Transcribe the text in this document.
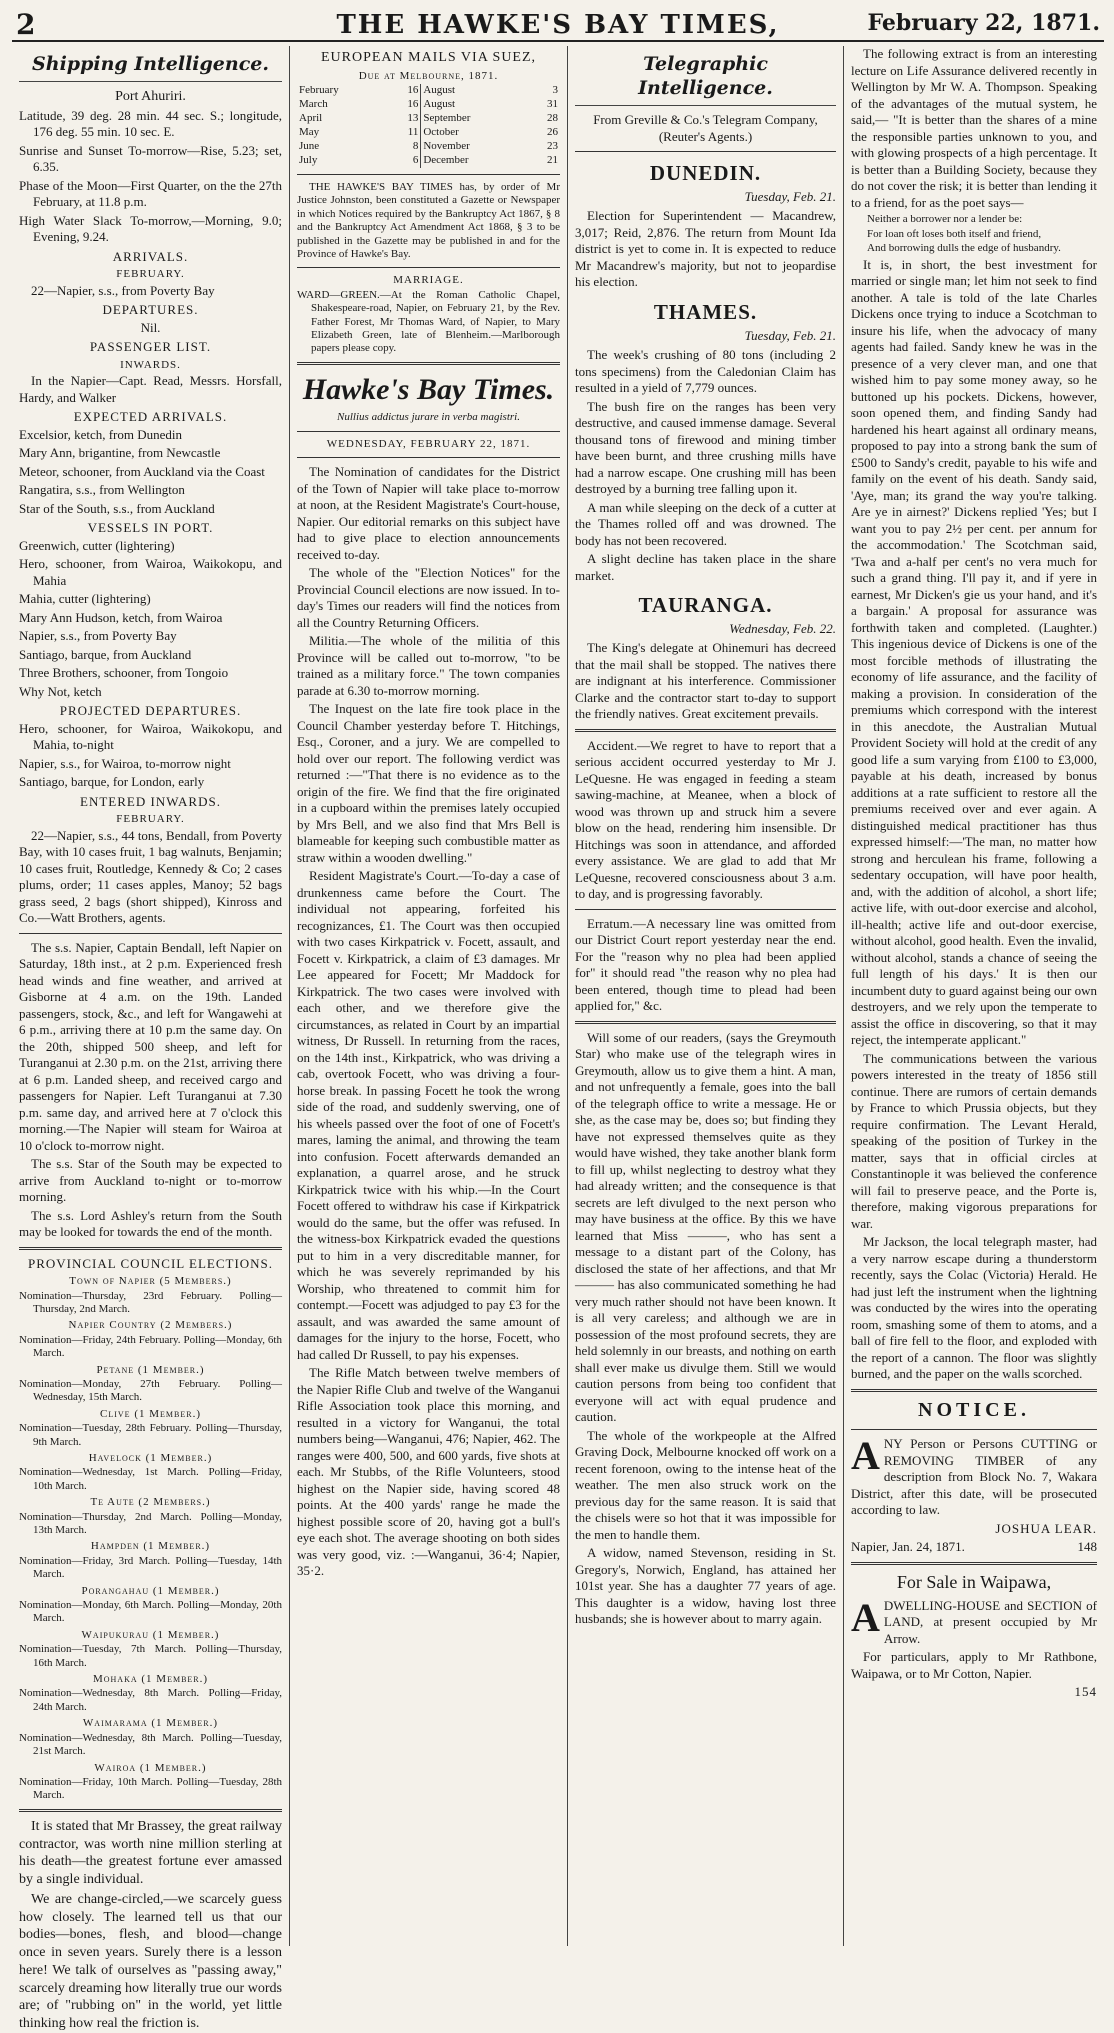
2	THE HAWKE'S BAY TIMES,	February 22, 1871.
Shipping Intelligence.

Port Ahuriri.

Latitude, 39 deg. 28 min. 44 sec. S.; longitude, 176 deg. 55 min. 10 sec. E.

Sunrise and Sunset To-morrow—Rise, 5.23; set, 6.35.

Phase of the Moon—First Quarter, on the the 27th February, at 11.8 p.m.

High Water Slack To-morrow,—Morning, 9.0; Evening, 9.24.

ARRIVALS.

FEBRUARY.

22—Napier, s.s., from Poverty Bay

DEPARTURES.

Nil.

PASSENGER LIST.

INWARDS.

In the Napier—Capt. Read, Messrs. Horsfall, Hardy, and Walker

EXPECTED ARRIVALS.

Excelsior, ketch, from Dunedin

Mary Ann, brigantine, from Newcastle

Meteor, schooner, from Auckland via the Coast

Rangatira, s.s., from Wellington

Star of the South, s.s., from Auckland

VESSELS IN PORT.

Greenwich, cutter (lightering)

Hero, schooner, from Wairoa, Waikokopu, and Mahia

Mahia, cutter (lightering)

Mary Ann Hudson, ketch, from Wairoa

Napier, s.s., from Poverty Bay

Santiago, barque, from Auckland

Three Brothers, schooner, from Tongoio

Why Not, ketch

PROJECTED DEPARTURES.

Hero, schooner, for Wairoa, Waikokopu, and Mahia, to-night

Napier, s.s., for Wairoa, to-morrow night

Santiago, barque, for London, early

ENTERED INWARDS.

FEBRUARY.

22—Napier, s.s., 44 tons, Bendall, from Poverty Bay, with 10 cases fruit, 1 bag walnuts, Benjamin; 10 cases fruit, Routledge, Kennedy & Co; 2 cases plums, order; 11 cases apples, Manoy; 52 bags grass seed, 2 bags (short shipped), Kinross and Co.—Watt Brothers, agents.

The s.s. Napier, Captain Bendall, left Napier on Saturday, 18th inst., at 2 p.m. Experienced fresh head winds and fine weather, and arrived at Gisborne at 4 a.m. on the 19th. Landed passengers, stock, &c., and left for Wangawehi at 6 p.m., arriving there at 10 p.m the same day. On the 20th, shipped 500 sheep, and left for Turanganui at 2.30 p.m. on the 21st, arriving there at 6 p.m. Landed sheep, and received cargo and passengers for Napier. Left Turanganui at 7.30 p.m. same day, and arrived here at 7 o'clock this morning.—The Napier will steam for Wairoa at 10 o'clock to-morrow night.

The s.s. Star of the South may be expected to arrive from Auckland to-night or to-morrow morning.

The s.s. Lord Ashley's return from the South may be looked for towards the end of the month.

PROVINCIAL COUNCIL ELECTIONS.

Town of Napier (5 Members.)

Nomination—Thursday, 23rd February. Polling—Thursday, 2nd March.

Napier Country (2 Members.)

Nomination—Friday, 24th February. Polling—Monday, 6th March.

Petane (1 Member.)

Nomination—Monday, 27th February. Polling—Wednesday, 15th March.

Clive (1 Member.)

Nomination—Tuesday, 28th February. Polling—Thursday, 9th March.

Havelock (1 Member.)

Nomination—Wednesday, 1st March. Polling—Friday, 10th March.

Te Aute (2 Members.)

Nomination—Thursday, 2nd March. Polling—Monday, 13th March.

Hampden (1 Member.)

Nomination—Friday, 3rd March. Polling—Tuesday, 14th March.

Porangahau (1 Member.)

Nomination—Monday, 6th March. Polling—Monday, 20th March.

Waipukurau (1 Member.)

Nomination—Tuesday, 7th March. Polling—Thursday, 16th March.

Mohaka (1 Member.)

Nomination—Wednesday, 8th March. Polling—Friday, 24th March.

Waimarama (1 Member.)

Nomination—Wednesday, 8th March. Polling—Tuesday, 21st March.

Wairoa (1 Member.)

Nomination—Friday, 10th March. Polling—Tuesday, 28th March.

It is stated that Mr Brassey, the great railway contractor, was worth nine million sterling at his death—the greatest fortune ever amassed by a single individual.

We are change-circled,—we scarcely guess how closely. The learned tell us that our bodies—bones, flesh, and blood—change once in seven years. Surely there is a lesson here! We talk of ourselves as "passing away," scarcely dreaming how literally true our words are; of "rubbing on" in the world, yet little thinking how real the friction is.

EUROPEAN MAILS VIA SUEZ,

Due at Melbourne, 1871.

February	16	August	3
March	16	August	31
April	13	September	28
May	11	October	26
June	8	November	23
July	6	December	21

THE HAWKE'S BAY TIMES has, by order of Mr Justice Johnston, been constituted a Gazette or Newspaper in which Notices required by the Bankruptcy Act 1867, § 8 and the Bankruptcy Act Amendment Act 1868, § 3 to be published in the Gazette may be published in and for the Province of Hawke's Bay.

MARRIAGE.

WARD—GREEN.—At the Roman Catholic Chapel, Shakespeare-road, Napier, on February 21, by the Rev. Father Forest, Mr Thomas Ward, of Napier, to Mary Elizabeth Green, late of Blenheim.—Marlborough papers please copy.

Hawke's Bay Times.

Nullius addictus jurare in verba magistri.

WEDNESDAY, FEBRUARY 22, 1871.

The Nomination of candidates for the District of the Town of Napier will take place to-morrow at noon, at the Resident Magistrate's Court-house, Napier. Our editorial remarks on this subject have had to give place to election announcements received to-day.

The whole of the "Election Notices" for the Provincial Council elections are now issued. In to-day's Times our readers will find the notices from all the Country Returning Officers.

Militia.—The whole of the militia of this Province will be called out to-morrow, "to be trained as a military force." The town companies parade at 6.30 to-morrow morning.

The Inquest on the late fire took place in the Council Chamber yesterday before T. Hitchings, Esq., Coroner, and a jury. We are compelled to hold over our report. The following verdict was returned :—"That there is no evidence as to the origin of the fire. We find that the fire originated in a cupboard within the premises lately occupied by Mrs Bell, and we also find that Mrs Bell is blameable for keeping such combustible matter as straw within a wooden dwelling."

Resident Magistrate's Court.—To-day a case of drunkenness came before the Court. The individual not appearing, forfeited his recognizances, £1. The Court was then occupied with two cases Kirkpatrick v. Focett, assault, and Focett v. Kirkpatrick, a claim of £3 damages. Mr Lee appeared for Focett; Mr Maddock for Kirkpatrick. The two cases were involved with each other, and we therefore give the circumstances, as related in Court by an impartial witness, Dr Russell. In returning from the races, on the 14th inst., Kirkpatrick, who was driving a cab, overtook Focett, who was driving a four-horse break. In passing Focett he took the wrong side of the road, and suddenly swerving, one of his wheels passed over the foot of one of Focett's mares, laming the animal, and throwing the team into confusion. Focett afterwards demanded an explanation, a quarrel arose, and he struck Kirkpatrick twice with his whip.—In the Court Focett offered to withdraw his case if Kirkpatrick would do the same, but the offer was refused. In the witness-box Kirkpatrick evaded the questions put to him in a very discreditable manner, for which he was severely reprimanded by his Worship, who threatened to commit him for contempt.—Focett was adjudged to pay £3 for the assault, and was awarded the same amount of damages for the injury to the horse, Focett, who had called Dr Russell, to pay his expenses.

The Rifle Match between twelve members of the Napier Rifle Club and twelve of the Wanganui Rifle Association took place this morning, and resulted in a victory for Wanganui, the total numbers being—Wanganui, 476; Napier, 462. The ranges were 400, 500, and 600 yards, five shots at each. Mr Stubbs, of the Rifle Volunteers, stood highest on the Napier side, having scored 48 points. At the 400 yards' range he made the highest possible score of 20, having got a bull's eye each shot. The average shooting on both sides was very good, viz. :—Wanganui, 36·4; Napier, 35·2.

Telegraphic Intelligence.

From Greville & Co.'s Telegram Company, (Reuter's Agents.)

DUNEDIN.

Tuesday, Feb. 21.

Election for Superintendent — Macandrew, 3,017; Reid, 2,876. The return from Mount Ida district is yet to come in. It is expected to reduce Mr Macandrew's majority, but not to jeopardise his election.

THAMES.

Tuesday, Feb. 21.

The week's crushing of 80 tons (including 2 tons specimens) from the Caledonian Claim has resulted in a yield of 7,779 ounces.

The bush fire on the ranges has been very destructive, and caused immense damage. Several thousand tons of firewood and mining timber have been burnt, and three crushing mills have had a narrow escape. One crushing mill has been destroyed by a burning tree falling upon it.

A man while sleeping on the deck of a cutter at the Thames rolled off and was drowned. The body has not been recovered.

A slight decline has taken place in the share market.

TAURANGA.

Wednesday, Feb. 22.

The King's delegate at Ohinemuri has decreed that the mail shall be stopped. The natives there are indignant at his interference. Commissioner Clarke and the contractor start to-day to support the friendly natives. Great excitement prevails.

Accident.—We regret to have to report that a serious accident occurred yesterday to Mr J. LeQuesne. He was engaged in feeding a steam sawing-machine, at Meanee, when a block of wood was thrown up and struck him a severe blow on the head, rendering him insensible. Dr Hitchings was soon in attendance, and afforded every assistance. We are glad to add that Mr LeQuesne, recovered consciousness about 3 a.m. to day, and is progressing favorably.

Erratum.—A necessary line was omitted from our District Court report yesterday near the end. For the "reason why no plea had been applied for" it should read "the reason why no plea had been entered, though time to plead had been applied for," &c.

Will some of our readers, (says the Greymouth Star) who make use of the telegraph wires in Greymouth, allow us to give them a hint. A man, and not unfrequently a female, goes into the ball of the telegraph office to write a message. He or she, as the case may be, does so; but finding they have not expressed themselves quite as they would have wished, they take another blank form to fill up, whilst neglecting to destroy what they had already written; and the consequence is that secrets are left divulged to the next person who may have business at the office. By this we have learned that Miss ———, who has sent a message to a distant part of the Colony, has disclosed the state of her affections, and that Mr ——— has also communicated something he had very much rather should not have been known. It is all very careless; and although we are in possession of the most profound secrets, they are held solemnly in our breasts, and nothing on earth shall ever make us divulge them. Still we would caution persons from being too confident that everyone will act with equal prudence and caution.

The whole of the workpeople at the Alfred Graving Dock, Melbourne knocked off work on a recent forenoon, owing to the intense heat of the weather. The men also struck work on the previous day for the same reason. It is said that the chisels were so hot that it was impossible for the men to handle them.

A widow, named Stevenson, residing in St. Gregory's, Norwich, England, has attained her 101st year. She has a daughter 77 years of age. This daughter is a widow, having lost three husbands; she is however about to marry again.

The following extract is from an interesting lecture on Life Assurance delivered recently in Wellington by Mr W. A. Thompson. Speaking of the advantages of the mutual system, he said,— "It is better than the shares of a mine the responsible parties unknown to you, and with glowing prospects of a high percentage. It is better than a Building Society, because they do not cover the risk; it is better than lending it to a friend, for as the poet says—

Neither a borrower nor a lender be:

For loan oft loses both itself and friend,

And borrowing dulls the edge of husbandry.

It is, in short, the best investment for married or single man; let him not seek to find another. A tale is told of the late Charles Dickens once trying to induce a Scotchman to insure his life, when the advocacy of many agents had failed. Sandy knew he was in the presence of a very clever man, and one that wished him to pay some money away, so he buttoned up his pockets. Dickens, however, soon opened them, and finding Sandy had hardened his heart against all ordinary means, proposed to pay into a strong bank the sum of £500 to Sandy's credit, payable to his wife and family on the event of his death. Sandy said, 'Aye, man; its grand the way you're talking. Are ye in airnest?' Dickens replied 'Yes; but I want you to pay 2½ per cent. per annum for the accommodation.' The Scotchman said, 'Twa and a-half per cent's no vera much for such a grand thing. I'll pay it, and if yere in earnest, Mr Dicken's gie us your hand, and it's a bargain.' A proposal for assurance was forthwith taken and completed. (Laughter.) This ingenious device of Dickens is one of the most forcible methods of illustrating the economy of life assurance, and the facility of making a provision. In consideration of the premiums which correspond with the interest in this anecdote, the Australian Mutual Provident Society will hold at the credit of any good life a sum varying from £100 to £3,000, payable at his death, increased by bonus additions at a rate sufficient to restore all the premiums received over and ever again. A distinguished medical practitioner has thus expressed himself:—'The man, no matter how strong and herculean his frame, following a sedentary occupation, will have poor health, and, with the addition of alcohol, a short life; active life, with out-door exercise and alcohol, ill-health; active life and out-door exercise, without alcohol, good health. Even the invalid, without alcohol, stands a chance of seeing the full length of his days.' It is then our incumbent duty to guard against being our own destroyers, and we rely upon the temperate to assist the office in discovering, so that it may reject, the intemperate applicant."

The communications between the various powers interested in the treaty of 1856 still continue. There are rumors of certain demands by France to which Prussia objects, but they require confirmation. The Levant Herald, speaking of the position of Turkey in the matter, says that in official circles at Constantinople it was believed the conference will fail to preserve peace, and the Porte is, therefore, making vigorous preparations for war.

Mr Jackson, the local telegraph master, had a very narrow escape during a thunderstorm recently, says the Colac (Victoria) Herald. He had just left the instrument when the lightning was conducted by the wires into the operating room, smashing some of them to atoms, and a ball of fire fell to the floor, and exploded with the report of a cannon. The floor was slightly burned, and the paper on the walls scorched.

NOTICE.

ANY Person or Persons CUTTING or REMOVING TIMBER of any description from Block No. 7, Wakara District, after this date, will be prosecuted according to law.

JOSHUA LEAR.

Napier, Jan. 24, 1871.	148

For Sale in Waipawa,

ADWELLING-HOUSE and SECTION of LAND, at present occupied by Mr Arrow.

For particulars, apply to Mr Rathbone, Waipawa, or to Mr Cotton, Napier.

154
